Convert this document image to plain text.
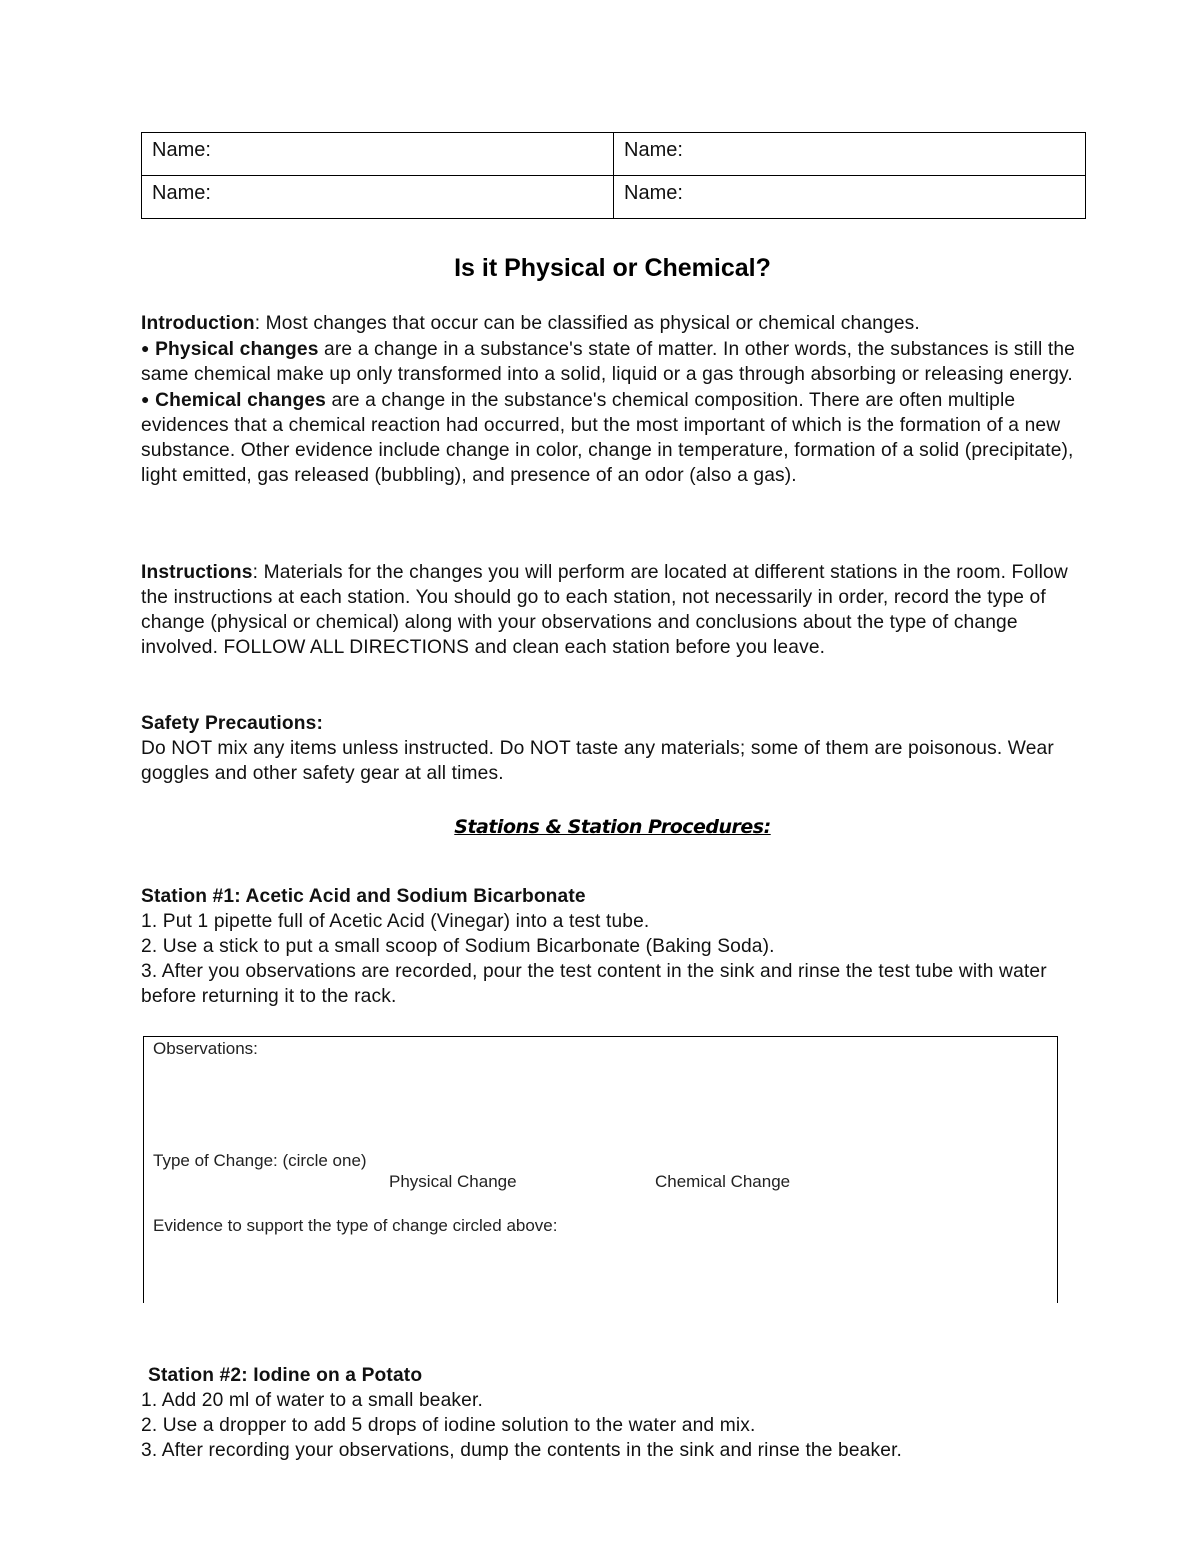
Name:	Name:
Name:	Name:
Is it Physical or Chemical?

Introduction: Most changes that occur can be classified as physical or chemical changes.

● Physical changes are a change in a substance's state of matter. In other words, the substances is still the same chemical make up only transformed into a solid, liquid or a gas through absorbing or releasing energy.

● Chemical changes are a change in the substance's chemical composition. There are often multiple evidences that a chemical reaction had occurred, but the most important of which is the formation of a new substance. Other evidence include change in color, change in temperature, formation of a solid (precipitate), light emitted, gas released (bubbling), and presence of an odor (also a gas).

Instructions: Materials for the changes you will perform are located at different stations in the room. Follow the instructions at each station. You should go to each station, not necessarily in order, record the type of change (physical or chemical) along with your observations and conclusions about the type of change involved. FOLLOW ALL DIRECTIONS and clean each station before you leave.

Safety Precautions:

Do NOT mix any items unless instructed. Do NOT taste any materials; some of them are poisonous. Wear goggles and other safety gear at all times.

Stations & Station Procedures:

Station #1: Acetic Acid and Sodium Bicarbonate

1. Put 1 pipette full of Acetic Acid (Vinegar) into a test tube.

2. Use a stick to put a small scoop of Sodium Bicarbonate (Baking Soda).

3. After you observations are recorded, pour the test content in the sink and rinse the test tube with water before returning it to the rack.

Observations:
Type of Change: (circle one)
Physical Change	Chemical Change
Evidence to support the type of change circled above:

Station #2: Iodine on a Potato

1. Add 20 ml of water to a small beaker.

2. Use a dropper to add 5 drops of iodine solution to the water and mix.

3. After recording your observations, dump the contents in the sink and rinse the beaker.
